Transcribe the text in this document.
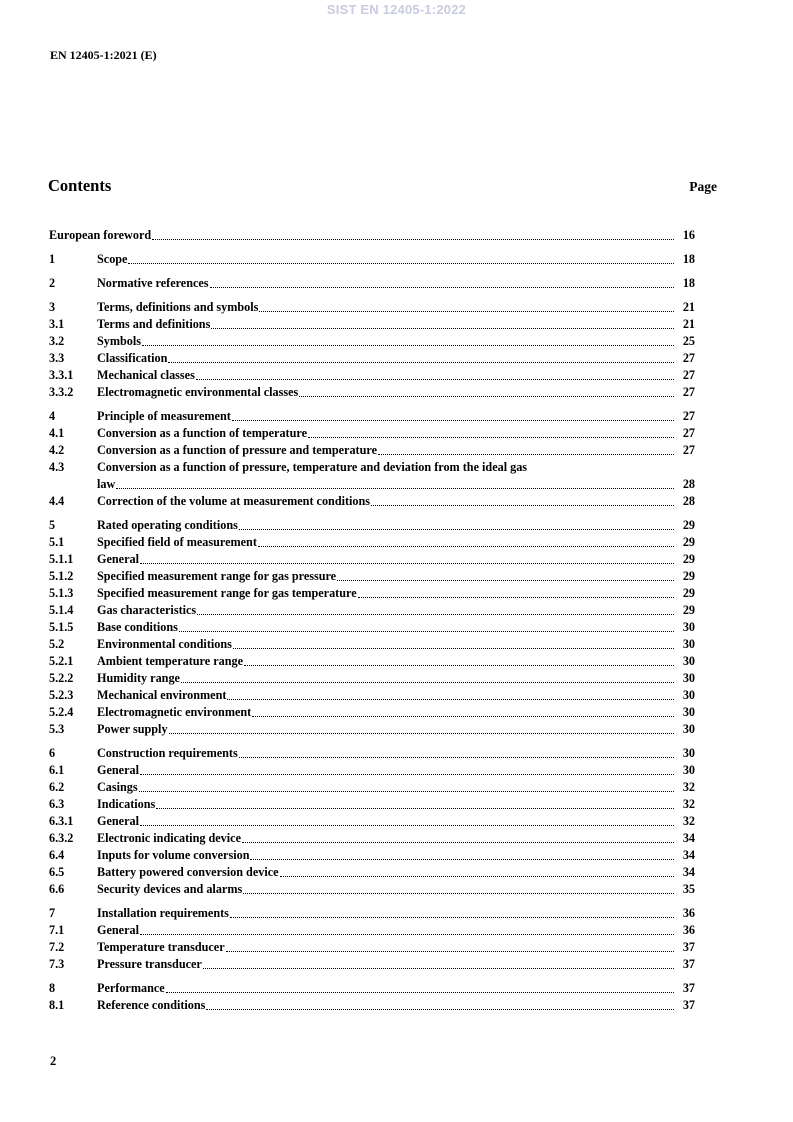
SIST EN 12405-1:2022
EN 12405-1:2021 (E)
Contents	Page
European foreword	16
1	Scope	18
2	Normative references	18
3	Terms, definitions and symbols	21
3.1	Terms and definitions	21
3.2	Symbols	25
3.3	Classification	27
3.3.1	Mechanical classes	27
3.3.2	Electromagnetic environmental classes	27
4	Principle of measurement	27
4.1	Conversion as a function of temperature	27
4.2	Conversion as a function of pressure and temperature	27
4.3	Conversion as a function of pressure, temperature and deviation from the ideal gas
law	28
4.4	Correction of the volume at measurement conditions	28
5	Rated operating conditions	29
5.1	Specified field of measurement	29
5.1.1	General	29
5.1.2	Specified measurement range for gas pressure	29
5.1.3	Specified measurement range for gas temperature	29
5.1.4	Gas characteristics	29
5.1.5	Base conditions	30
5.2	Environmental conditions	30
5.2.1	Ambient temperature range	30
5.2.2	Humidity range	30
5.2.3	Mechanical environment	30
5.2.4	Electromagnetic environment	30
5.3	Power supply	30
6	Construction requirements	30
6.1	General	30
6.2	Casings	32
6.3	Indications	32
6.3.1	General	32
6.3.2	Electronic indicating device	34
6.4	Inputs for volume conversion	34
6.5	Battery powered conversion device	34
6.6	Security devices and alarms	35
7	Installation requirements	36
7.1	General	36
7.2	Temperature transducer	37
7.3	Pressure transducer	37
8	Performance	37
8.1	Reference conditions	37
2
